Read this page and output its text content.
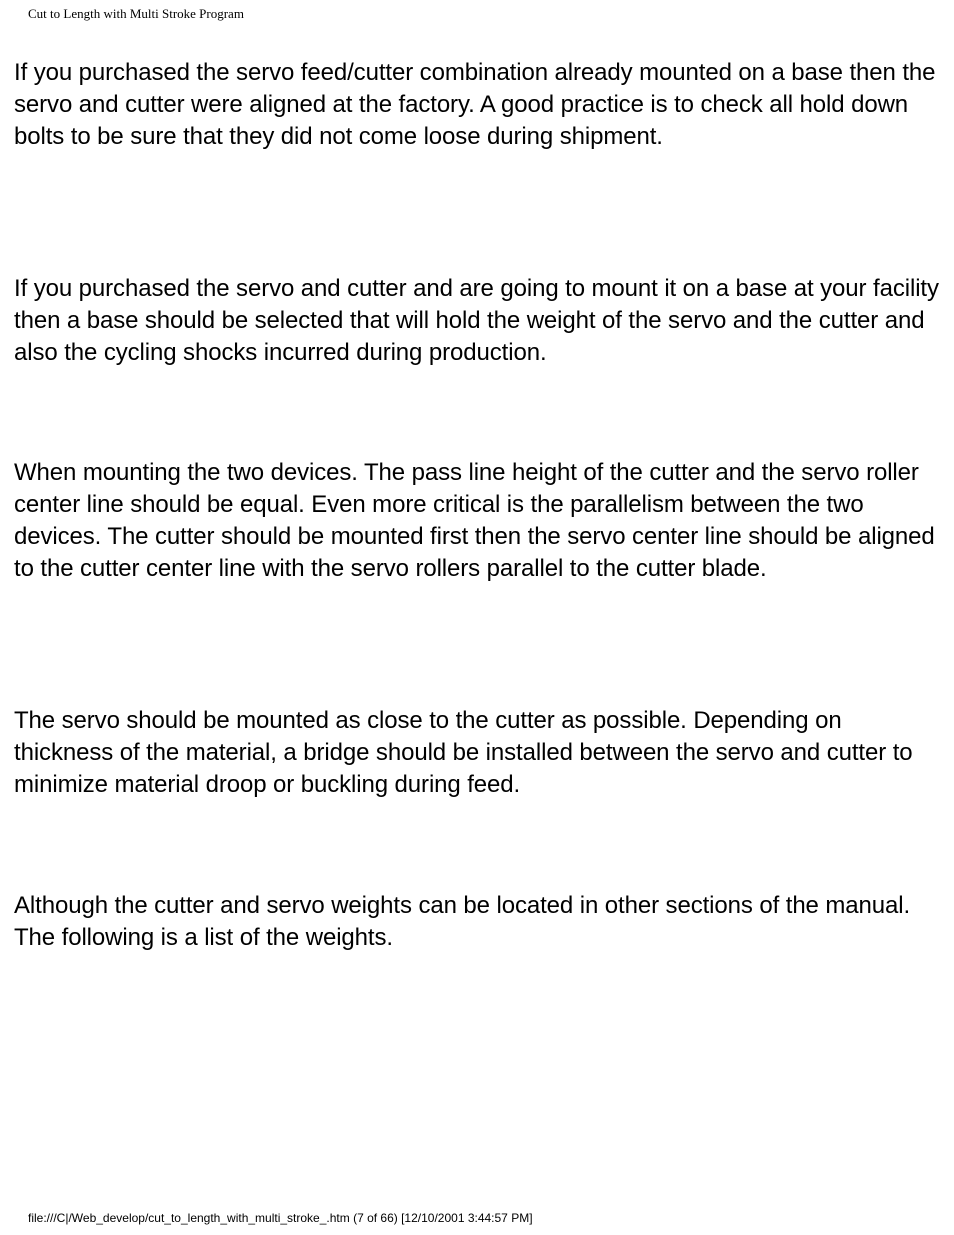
Cut to Length with Multi Stroke Program

If you purchased the servo feed/cutter combination already mounted on a base then the servo and cutter were aligned at the factory. A good practice is to check all hold down bolts to be sure that they did not come loose during shipment.

If you purchased the servo and cutter and are going to mount it on a base at your facility then a base should be selected that will hold the weight of the servo and the cutter and also the cycling shocks incurred during production.

When mounting the two devices. The pass line height of the cutter and the servo roller center line should be equal. Even more critical is the parallelism between the two devices. The cutter should be mounted first then the servo center line should be aligned to the cutter center line with the servo rollers parallel to the cutter blade.

The servo should be mounted as close to the cutter as possible. Depending on thickness of the material, a bridge should be installed between the servo and cutter to minimize material droop or buckling during feed.

Although the cutter and servo weights can be located in other sections of the manual. The following is a list of the weights.

file:///C|/Web_develop/cut_to_length_with_multi_stroke_.htm (7 of 66) [12/10/2001 3:44:57 PM]
